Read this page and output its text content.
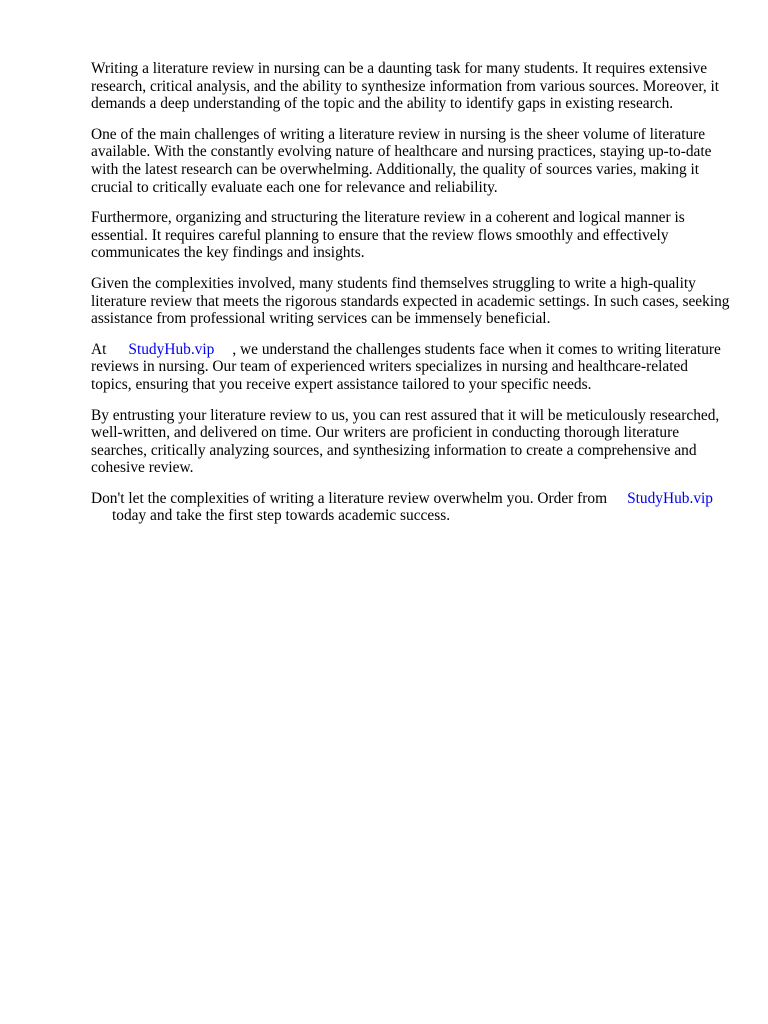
Writing a literature review in nursing can be a daunting task for many students. It requires extensive research, critical analysis, and the ability to synthesize information from various sources. Moreover, it demands a deep understanding of the topic and the ability to identify gaps in existing research.

One of the main challenges of writing a literature review in nursing is the sheer volume of literature available. With the constantly evolving nature of healthcare and nursing practices, staying up-to-date with the latest research can be overwhelming. Additionally, the quality of sources varies, making it crucial to critically evaluate each one for relevance and reliability.

Furthermore, organizing and structuring the literature review in a coherent and logical manner is essential. It requires careful planning to ensure that the review flows smoothly and effectively communicates the key findings and insights.

Given the complexities involved, many students find themselves struggling to write a high-quality literature review that meets the rigorous standards expected in academic settings. In such cases, seeking assistance from professional writing services can be immensely beneficial.

At StudyHub.vip , we understand the challenges students face when it comes to writing literature reviews in nursing. Our team of experienced writers specializes in nursing and healthcare-related topics, ensuring that you receive expert assistance tailored to your specific needs.

By entrusting your literature review to us, you can rest assured that it will be meticulously researched, well-written, and delivered on time. Our writers are proficient in conducting thorough literature searches, critically analyzing sources, and synthesizing information to create a comprehensive and cohesive review.

Don't let the complexities of writing a literature review overwhelm you. Order from StudyHub.vip
today and take the first step towards academic success.
